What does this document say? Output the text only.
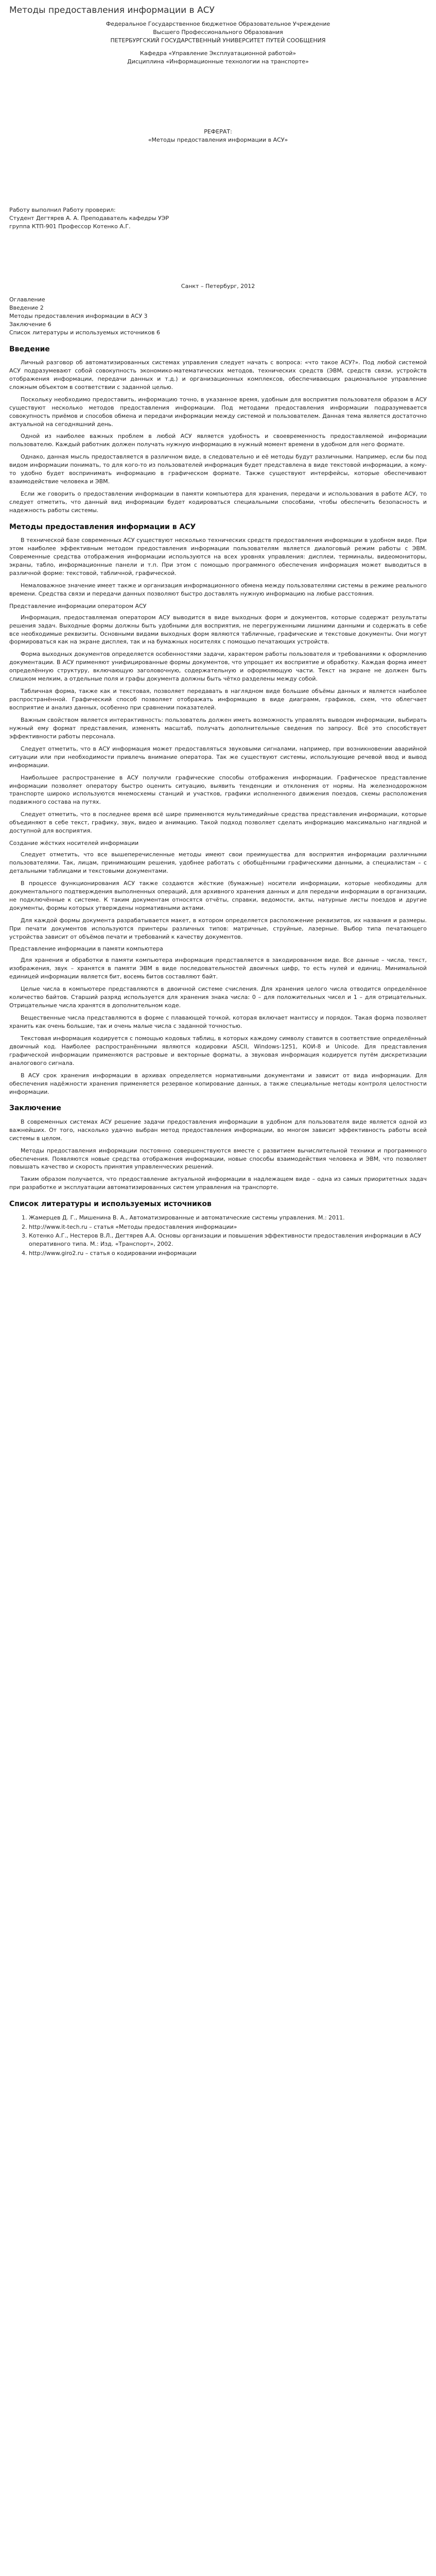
Методы предоставления информации в АСУ
Федеральное Государственное бюджетное Образовательное Учреждение
Высшего Профессионального Образования
ПЕТЕРБУРГСКИЙ ГОСУДАРСТВЕННЫЙ УНИВЕРСИТЕТ ПУТЕЙ СООБЩЕНИЯ
Кафедра «Управление Эксплуатационной работой»
Дисциплина «Информационные технологии на транспорте»
РЕФЕРАТ:
«Методы предоставления информации в АСУ»
Работу выполнил Работу проверил:
Студент Дегтярев А. А. Преподаватель кафедры УЭР
группа КТП-901 Профессор Котенко А.Г.
Санкт – Петербург, 2012
Оглавление
Введение 2
Методы предоставления информации в АСУ 3
Заключение 6
Список литературы и используемых источников 6
Введение

Личный разговор об автоматизированных системах управления следует начать с вопроса: «что такое АСУ?». Под любой системой АСУ подразумевают собой совокупность экономико-математических методов, технических средств (ЭВМ, средств связи, устройств отображения информации, передачи данных и т.д.) и организационных комплексов, обеспечивающих рациональное управление сложным объектом в соответствии с заданной целью.

Поскольку необходимо предоставить, информацию точно, в указанное время, удобным для восприятия пользователя образом в АСУ существуют несколько методов предоставления информации. Под методами предоставления информации подразумевается совокупность приёмов и способов обмена и передачи информации между системой и пользователем. Данная тема является достаточно актуальной на сегодняшний день.

Одной из наиболее важных проблем в любой АСУ является удобность и своевременность предоставляемой информации пользователю. Каждый работник должен получать нужную информацию в нужный момент времени в удобном для него формате.

Однако, данная мысль предоставляется в различном виде, в следовательно и её методы будут различными. Например, если бы под видом информации понимать, то для кого-то из пользователей информация будет представлена в виде текстовой информации, а кому-то удобно будет воспринимать информацию в графическом формате. Также существуют интерфейсы, которые обеспечивают взаимодействие человека и ЭВМ.

Если же говорить о предоставлении информации в памяти компьютера для хранения, передачи и использования в работе АСУ, то следует отметить, что данный вид информации будет кодироваться специальными способами, чтобы обеспечить безопасность и надежность работы системы.

Методы предоставления информации в АСУ

В технической базе современных АСУ существуют несколько технических средств предоставления информации в удобном виде. При этом наиболее эффективным методом предоставления информации пользователям является диалоговый режим работы с ЭВМ. Современные средства отображения информации используются на всех уровнях управления: дисплеи, терминалы, видеомониторы, экраны, табло, информационные панели и т.п. При этом с помощью программного обеспечения информация может выводиться в различной форме: текстовой, табличной, графической.

Немаловажное значение имеет также и организация информационного обмена между пользователями системы в режиме реального времени. Средства связи и передачи данных позволяют быстро доставлять нужную информацию на любые расстояния.

Представление информации оператором АСУ

Информация, предоставляемая оператором АСУ выводится в виде выходных форм и документов, которые содержат результаты решения задач. Выходные формы должны быть удобными для восприятия, не перегруженными лишними данными и содержать в себе все необходимые реквизиты. Основными видами выходных форм являются табличные, графические и текстовые документы. Они могут формироваться как на экране дисплея, так и на бумажных носителях с помощью печатающих устройств.

Форма выходных документов определяется особенностями задачи, характером работы пользователя и требованиями к оформлению документации. В АСУ применяют унифицированные формы документов, что упрощает их восприятие и обработку. Каждая форма имеет определённую структуру, включающую заголовочную, содержательную и оформляющую части. Текст на экране не должен быть слишком мелким, а отдельные поля и графы документа должны быть чётко разделены между собой.

Табличная форма, также как и текстовая, позволяет передавать в наглядном виде большие объёмы данных и является наиболее распространённой. Графический способ позволяет отображать информацию в виде диаграмм, графиков, схем, что облегчает восприятие и анализ данных, особенно при сравнении показателей.

Важным свойством является интерактивность: пользователь должен иметь возможность управлять выводом информации, выбирать нужный ему формат представления, изменять масштаб, получать дополнительные сведения по запросу. Всё это способствует эффективности работы персонала.

Следует отметить, что в АСУ информация может предоставляться звуковыми сигналами, например, при возникновении аварийной ситуации или при необходимости привлечь внимание оператора. Так же существуют системы, использующие речевой ввод и вывод информации.

Наибольшее распространение в АСУ получили графические способы отображения информации. Графическое представление информации позволяет оператору быстро оценить ситуацию, выявить тенденции и отклонения от нормы. На железнодорожном транспорте широко используются мнемосхемы станций и участков, графики исполненного движения поездов, схемы расположения подвижного состава на путях.

Следует отметить, что в последнее время всё шире применяются мультимедийные средства представления информации, которые объединяют в себе текст, графику, звук, видео и анимацию. Такой подход позволяет сделать информацию максимально наглядной и доступной для восприятия.

Создание жёстких носителей информации

Следует отметить, что все вышеперечисленные методы имеют свои преимущества для восприятия информации различными пользователями. Так, лицам, принимающим решения, удобнее работать с обобщёнными графическими данными, а специалистам – с детальными таблицами и текстовыми документами.

В процессе функционирования АСУ также создаются жёсткие (бумажные) носители информации, которые необходимы для документального подтверждения выполненных операций, для архивного хранения данных и для передачи информации в организации, не подключённые к системе. К таким документам относятся отчёты, справки, ведомости, акты, натурные листы поездов и другие документы, формы которых утверждены нормативными актами.

Для каждой формы документа разрабатывается макет, в котором определяется расположение реквизитов, их названия и размеры. При печати документов используются принтеры различных типов: матричные, струйные, лазерные. Выбор типа печатающего устройства зависит от объёмов печати и требований к качеству документов.

Представление информации в памяти компьютера

Для хранения и обработки в памяти компьютера информация представляется в закодированном виде. Все данные – числа, текст, изображения, звук – хранятся в памяти ЭВМ в виде последовательностей двоичных цифр, то есть нулей и единиц. Минимальной единицей информации является бит, восемь битов составляют байт.

Целые числа в компьютере представляются в двоичной системе счисления. Для хранения целого числа отводится определённое количество байтов. Старший разряд используется для хранения знака числа: 0 – для положительных чисел и 1 – для отрицательных. Отрицательные числа хранятся в дополнительном коде.

Вещественные числа представляются в форме с плавающей точкой, которая включает мантиссу и порядок. Такая форма позволяет хранить как очень большие, так и очень малые числа с заданной точностью.

Текстовая информация кодируется с помощью кодовых таблиц, в которых каждому символу ставится в соответствие определённый двоичный код. Наиболее распространёнными являются кодировки ASCII, Windows-1251, КОИ-8 и Unicode. Для представления графической информации применяются растровые и векторные форматы, а звуковая информация кодируется путём дискретизации аналогового сигнала.

В АСУ срок хранения информации в архивах определяется нормативными документами и зависит от вида информации. Для обеспечения надёжности хранения применяется резервное копирование данных, а также специальные методы контроля целостности информации.

Заключение

В современных системах АСУ решение задачи предоставления информации в удобном для пользователя виде является одной из важнейших. От того, насколько удачно выбран метод предоставления информации, во многом зависит эффективность работы всей системы в целом.

Методы предоставления информации постоянно совершенствуются вместе с развитием вычислительной техники и программного обеспечения. Появляются новые средства отображения информации, новые способы взаимодействия человека и ЭВМ, что позволяет повышать качество и скорость принятия управленческих решений.

Таким образом получается, что предоставление актуальной информации в надлежащем виде – одна из самых приоритетных задач при разработке и эксплуатации автоматизированных систем управления на транспорте.

Список литературы и используемых источников
1. Жамерцев Д. Г., Мишенина В. А., Автоматизированные и автоматические системы управления. М.: 2011.
2. http://www.it-tech.ru – статья «Методы предоставления информации»
3. Котенко А.Г., Нестеров В.Л., Дегтярев А.А. Основы организации и повышения эффективности предоставления информации в АСУ оперативного типа. М.: Изд. «Транспорт», 2002.
4. http://www.giro2.ru – статья о кодировании информации
